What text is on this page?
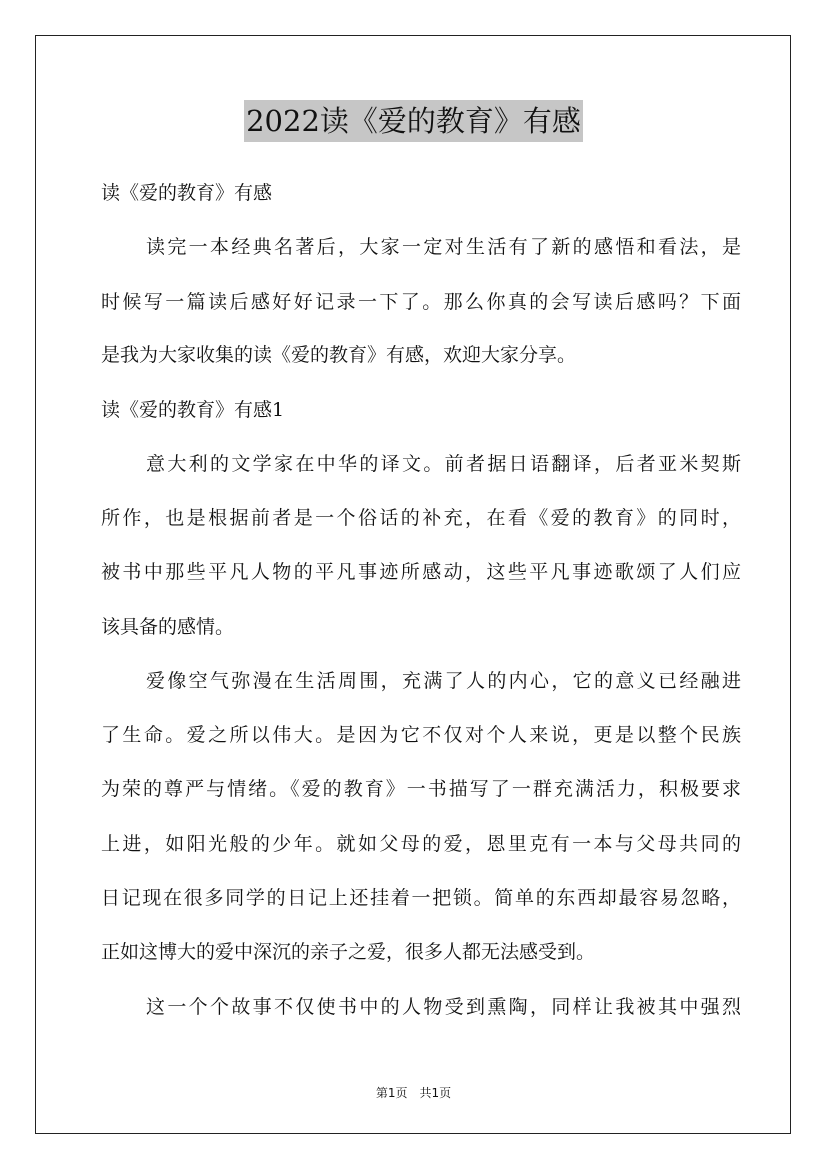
2022读《爱的教育》有感
读《爱的教育》有感
读完一本经典名著后，大家一定对生活有了新的感悟和看法，是
时候写一篇读后感好好记录一下了。那么你真的会写读后感吗？下面
是我为大家收集的读《爱的教育》有感，欢迎大家分享。
读《爱的教育》有感1
意大利的文学家在中华的译文。前者据日语翻译，后者亚米契斯
所作，也是根据前者是一个俗话的补充，在看《爱的教育》的同时，
被书中那些平凡人物的平凡事迹所感动，这些平凡事迹歌颂了人们应
该具备的感情。
爱像空气弥漫在生活周围，充满了人的内心，它的意义已经融进
了生命。爱之所以伟大。是因为它不仅对个人来说，更是以整个民族
为荣的尊严与情绪。《爱的教育》一书描写了一群充满活力，积极要求
上进，如阳光般的少年。就如父母的爱，恩里克有一本与父母共同的
日记现在很多同学的日记上还挂着一把锁。简单的东西却最容易忽略，
正如这博大的爱中深沉的亲子之爱，很多人都无法感受到。
这一个个故事不仅使书中的人物受到熏陶，同样让我被其中强烈
第1页　共1页
